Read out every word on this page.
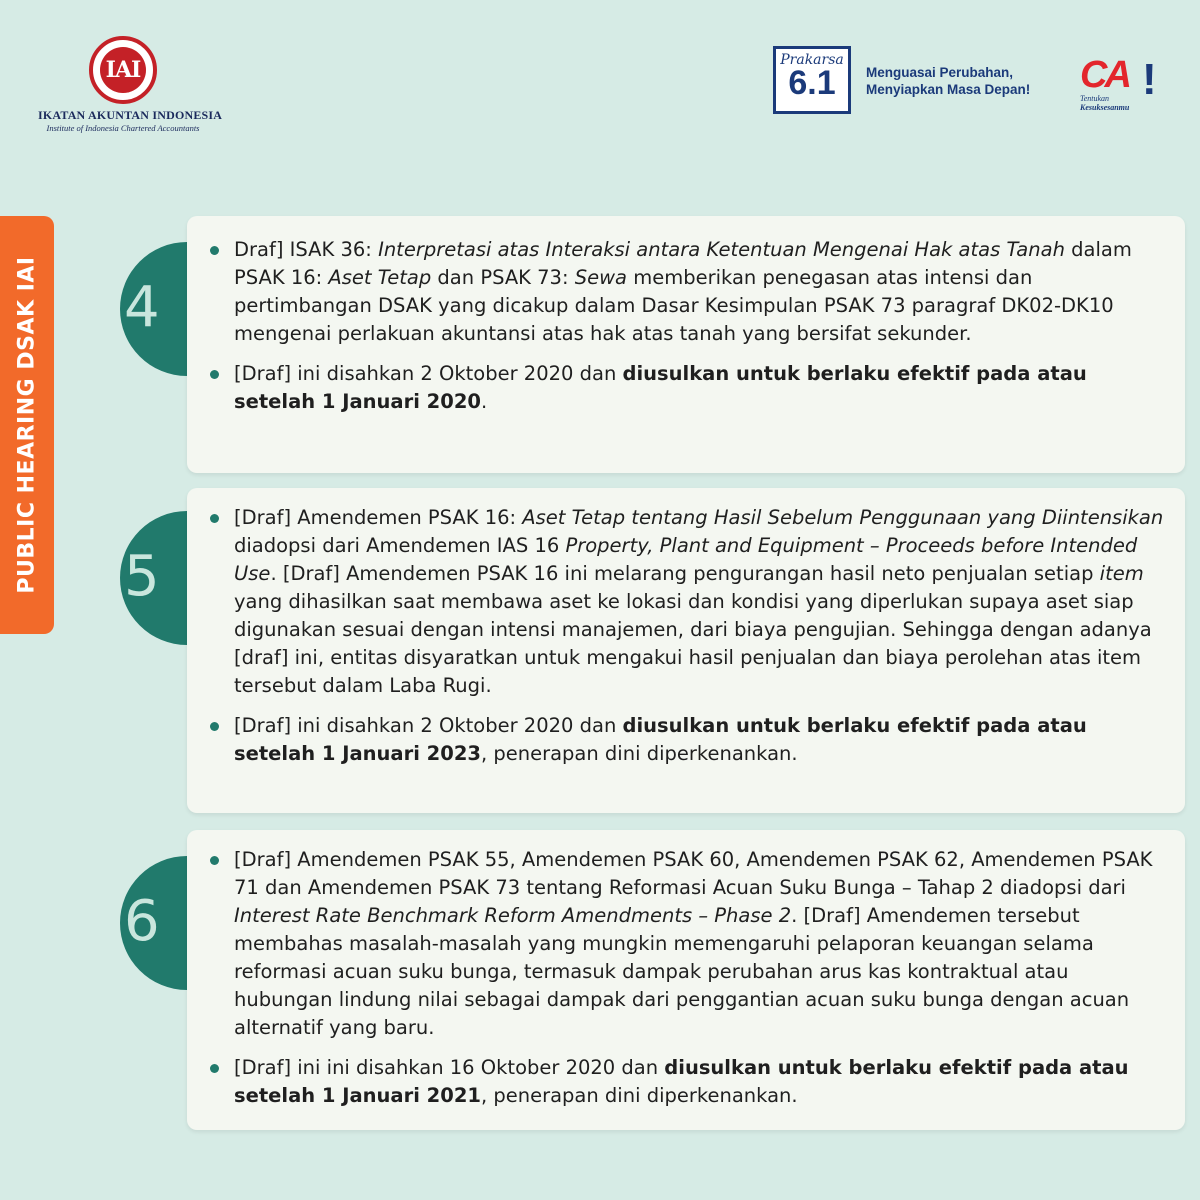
IAI
IKATAN AKUNTAN INDONESIA
Institute of Indonesia Chartered Accountants
Prakarsa
6.1	Menguasai Perubahan,
Menyiapkan Masa Depan! CA !
Tentukan
Kesuksesanmu
PUBLIC HEARING DSAK IAI 4
Draf] ISAK 36: Interpretasi atas Interaksi antara Ketentuan Mengenai Hak atas Tanah dalam PSAK 16: Aset Tetap dan PSAK 73: Sewa memberikan penegasan atas intensi dan pertimbangan DSAK yang dicakup dalam Dasar Kesimpulan PSAK 73 paragraf DK02-DK10 mengenai perlakuan akuntansi atas hak atas tanah yang bersifat sekunder.
[Draf] ini disahkan 2 Oktober 2020 dan diusulkan untuk berlaku efektif pada atau setelah 1 Januari 2020.
5
[Draf] Amendemen PSAK 16: Aset Tetap tentang Hasil Sebelum Penggunaan yang Diintensikan diadopsi dari Amendemen IAS 16 Property, Plant and Equipment – Proceeds before Intended Use. [Draf] Amendemen PSAK 16 ini melarang pengurangan hasil neto penjualan setiap item yang dihasilkan saat membawa aset ke lokasi dan kondisi yang diperlukan supaya aset siap digunakan sesuai dengan intensi manajemen, dari biaya pengujian. Sehingga dengan adanya [draf] ini, entitas disyaratkan untuk mengakui hasil penjualan dan biaya perolehan atas item tersebut dalam Laba Rugi.
[Draf] ini disahkan 2 Oktober 2020 dan diusulkan untuk berlaku efektif pada atau setelah 1 Januari 2023, penerapan dini diperkenankan.
6
[Draf] Amendemen PSAK 55, Amendemen PSAK 60, Amendemen PSAK 62, Amendemen PSAK 71 dan Amendemen PSAK 73 tentang Reformasi Acuan Suku Bunga – Tahap 2 diadopsi dari Interest Rate Benchmark Reform Amendments – Phase 2. [Draf] Amendemen tersebut membahas masalah-masalah yang mungkin memengaruhi pelaporan keuangan selama reformasi acuan suku bunga, termasuk dampak perubahan arus kas kontraktual atau hubungan lindung nilai sebagai dampak dari penggantian acuan suku bunga dengan acuan alternatif yang baru.
[Draf] ini ini disahkan 16 Oktober 2020 dan diusulkan untuk berlaku efektif pada atau setelah 1 Januari 2021, penerapan dini diperkenankan.
